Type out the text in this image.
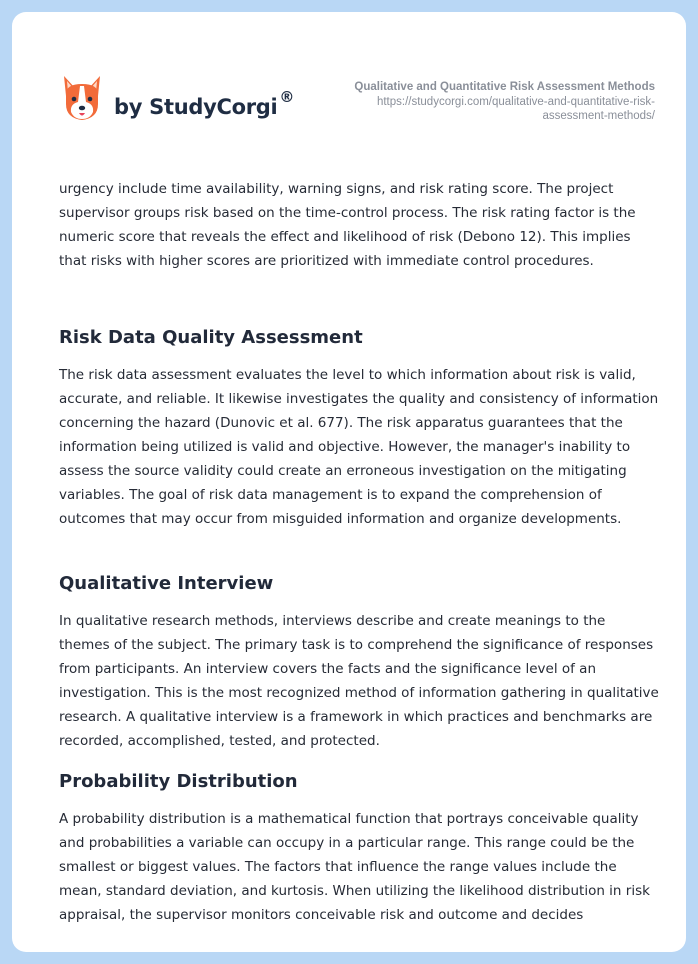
by StudyCorgi ®
Qualitative and Quantitative Risk Assessment Methods
https://studycorgi.com/qualitative-and-quantitative-risk-assessment-methods/

urgency include time availability, warning signs, and risk rating score. The project supervisor groups risk based on the time-control process. The risk rating factor is the numeric score that reveals the effect and likelihood of risk (Debono 12). This implies that risks with higher scores are prioritized with immediate control procedures.

Risk Data Quality Assessment

The risk data assessment evaluates the level to which information about risk is valid, accurate, and reliable. It likewise investigates the quality and consistency of information concerning the hazard (Dunovic et al. 677). The risk apparatus guarantees that the information being utilized is valid and objective. However, the manager's inability to assess the source validity could create an erroneous investigation on the mitigating variables. The goal of risk data management is to expand the comprehension of outcomes that may occur from misguided information and organize developments.

Qualitative Interview

In qualitative research methods, interviews describe and create meanings to the themes of the subject. The primary task is to comprehend the significance of responses from participants. An interview covers the facts and the significance level of an investigation. This is the most recognized method of information gathering in qualitative research. A qualitative interview is a framework in which practices and benchmarks are recorded, accomplished, tested, and protected.

Probability Distribution

A probability distribution is a mathematical function that portrays conceivable quality and probabilities a variable can occupy in a particular range. This range could be the smallest or biggest values. The factors that influence the range values include the mean, standard deviation, and kurtosis. When utilizing the likelihood distribution in risk appraisal, the supervisor monitors conceivable risk and outcome and decides
